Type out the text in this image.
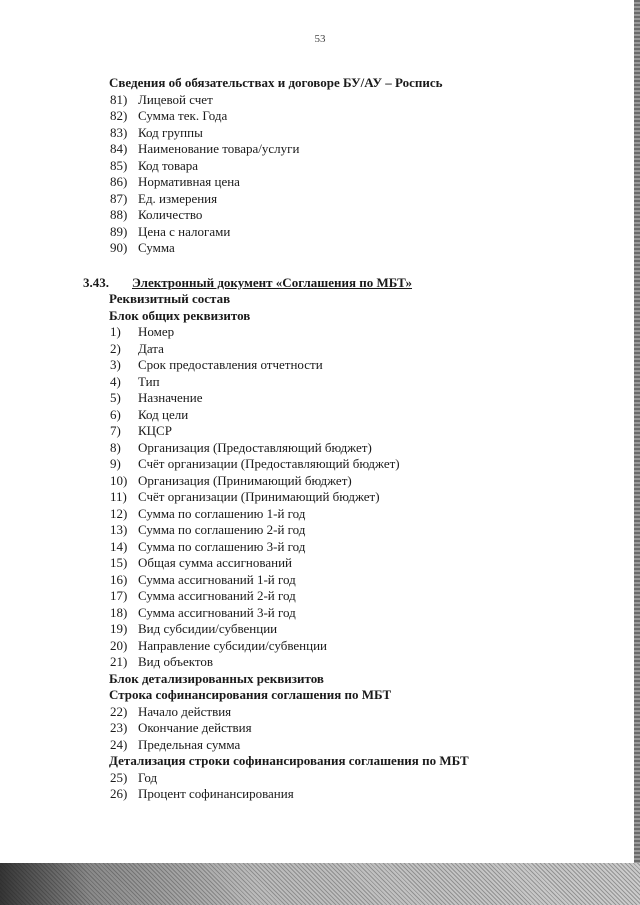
53
Сведения об обязательствах и договоре БУ/АУ – Роспись
81) Лицевой счет
82) Сумма тек. Года
83) Код группы
84) Наименование товара/услуги
85) Код товара
86) Нормативная цена
87) Ед. измерения
88) Количество
89) Цена с налогами
90) Сумма
3.43.	Электронный документ «Соглашения по МБТ»
Реквизитный состав
Блок общих реквизитов
1)	Номер
2)	Дата
3)	Срок предоставления отчетности
4)	Тип
5)	Назначение
6)	Код цели
7)	КЦСР
8)	Организация (Предоставляющий бюджет)
9)	Счёт организации (Предоставляющий бюджет)
10) Организация (Принимающий бюджет)
11) Счёт организации (Принимающий бюджет)
12) Сумма по соглашению 1-й год
13) Сумма по соглашению 2-й год
14) Сумма по соглашению 3-й год
15) Общая сумма ассигнований
16) Сумма ассигнований 1-й год
17) Сумма ассигнований 2-й год
18) Сумма ассигнований 3-й год
19) Вид субсидии/субвенции
20) Направление субсидии/субвенции
21) Вид объектов
Блок детализированных реквизитов
Строка софинансирования соглашения по МБТ
22) Начало действия
23) Окончание действия
24) Предельная сумма
Детализация строки софинансирования соглашения по МБТ
25) Год
26) Процент софинансирования
